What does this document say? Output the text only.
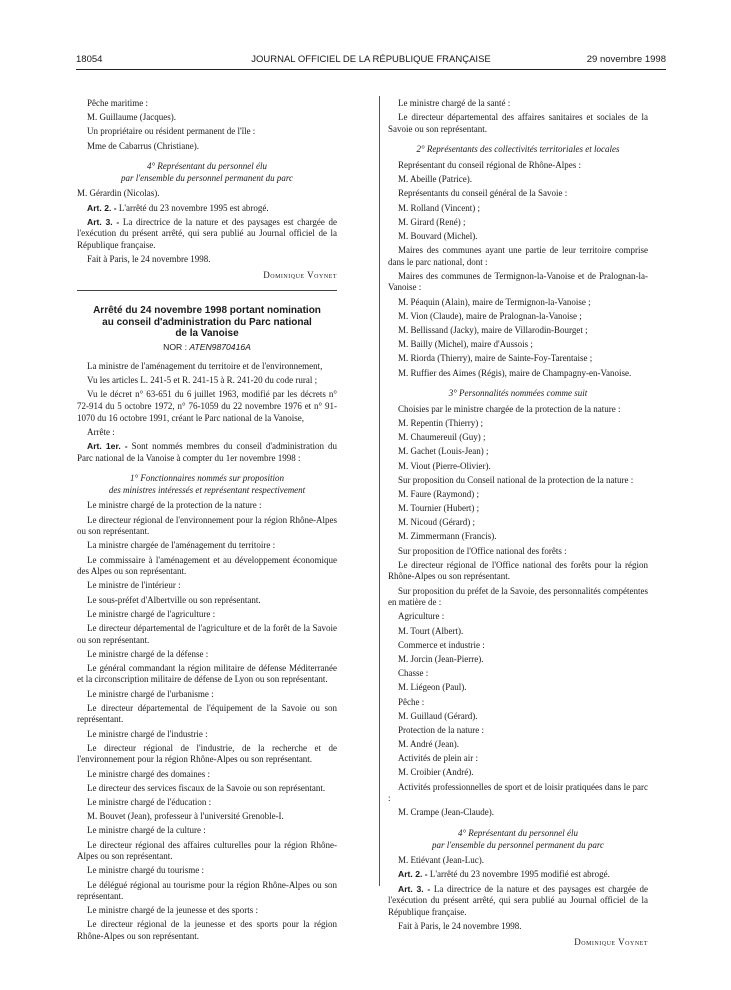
18054	JOURNAL OFFICIEL DE LA RÉPUBLIQUE FRANÇAISE	29 novembre 1998

Pêche maritime :

M. Guillaume (Jacques).

Un propriétaire ou résident permanent de l'île :

Mme de Cabarrus (Christiane).

4° Représentant du personnel élu
par l'ensemble du personnel permanent du parc

M. Gérardin (Nicolas).

Art. 2. - L'arrêté du 23 novembre 1995 est abrogé.

Art. 3. - La directrice de la nature et des paysages est chargée de l'exécution du présent arrêté, qui sera publié au Journal officiel de la République française.

Fait à Paris, le 24 novembre 1998.

Dominique Voynet

Arrêté du 24 novembre 1998 portant nomination
au conseil d'administration du Parc national
de la Vanoise

NOR : ATEN9870416A

La ministre de l'aménagement du territoire et de l'environnement,

Vu les articles L. 241-5 et R. 241-15 à R. 241-20 du code rural ;

Vu le décret n° 63-651 du 6 juillet 1963, modifié par les décrets n° 72-914 du 5 octobre 1972, n° 76-1059 du 22 novembre 1976 et n° 91-1070 du 16 octobre 1991, créant le Parc national de la Vanoise,

Arrête :

Art. 1er. - Sont nommés membres du conseil d'administration du Parc national de la Vanoise à compter du 1er novembre 1998 :

1° Fonctionnaires nommés sur proposition
des ministres intéressés et représentant respectivement

Le ministre chargé de la protection de la nature :

Le directeur régional de l'environnement pour la région Rhône-Alpes ou son représentant.

La ministre chargée de l'aménagement du territoire :

Le commissaire à l'aménagement et au développement économique des Alpes ou son représentant.

Le ministre de l'intérieur :

Le sous-préfet d'Albertville ou son représentant.

Le ministre chargé de l'agriculture :

Le directeur départemental de l'agriculture et de la forêt de la Savoie ou son représentant.

Le ministre chargé de la défense :

Le général commandant la région militaire de défense Méditerranée et la circonscription militaire de défense de Lyon ou son représentant.

Le ministre chargé de l'urbanisme :

Le directeur départemental de l'équipement de la Savoie ou son représentant.

Le ministre chargé de l'industrie :

Le directeur régional de l'industrie, de la recherche et de l'environnement pour la région Rhône-Alpes ou son représentant.

Le ministre chargé des domaines :

Le directeur des services fiscaux de la Savoie ou son représentant.

Le ministre chargé de l'éducation :

M. Bouvet (Jean), professeur à l'université Grenoble-I.

Le ministre chargé de la culture :

Le directeur régional des affaires culturelles pour la région Rhône-Alpes ou son représentant.

Le ministre chargé du tourisme :

Le délégué régional au tourisme pour la région Rhône-Alpes ou son représentant.

Le ministre chargé de la jeunesse et des sports :

Le directeur régional de la jeunesse et des sports pour la région Rhône-Alpes ou son représentant.

Le ministre chargé de la santé :

Le directeur départemental des affaires sanitaires et sociales de la Savoie ou son représentant.

2° Représentants des collectivités territoriales et locales

Représentant du conseil régional de Rhône-Alpes :

M. Abeille (Patrice).

Représentants du conseil général de la Savoie :

M. Rolland (Vincent) ;

M. Girard (René) ;

M. Bouvard (Michel).

Maires des communes ayant une partie de leur territoire comprise dans le parc national, dont :

Maires des communes de Termignon-la-Vanoise et de Pralognan-la-Vanoise :

M. Péaquin (Alain), maire de Termignon-la-Vanoise ;

M. Vion (Claude), maire de Pralognan-la-Vanoise ;

M. Bellissand (Jacky), maire de Villarodin-Bourget ;

M. Bailly (Michel), maire d'Aussois ;

M. Riorda (Thierry), maire de Sainte-Foy-Tarentaise ;

M. Ruffier des Aimes (Régis), maire de Champagny-en-Vanoise.

3° Personnalités nommées comme suit

Choisies par le ministre chargée de la protection de la nature :

M. Repentin (Thierry) ;

M. Chaumereuil (Guy) ;

M. Gachet (Louis-Jean) ;

M. Viout (Pierre-Olivier).

Sur proposition du Conseil national de la protection de la nature :

M. Faure (Raymond) ;

M. Tournier (Hubert) ;

M. Nicoud (Gérard) ;

M. Zimmermann (Francis).

Sur proposition de l'Office national des forêts :

Le directeur régional de l'Office national des forêts pour la région Rhône-Alpes ou son représentant.

Sur proposition du préfet de la Savoie, des personnalités compétentes en matière de :

Agriculture :

M. Tourt (Albert).

Commerce et industrie :

M. Jorcin (Jean-Pierre).

Chasse :

M. Liégeon (Paul).

Pêche :

M. Guillaud (Gérard).

Protection de la nature :

M. André (Jean).

Activités de plein air :

M. Croibier (André).

Activités professionnelles de sport et de loisir pratiquées dans le parc :

M. Crampe (Jean-Claude).

4° Représentant du personnel élu
par l'ensemble du personnel permanent du parc

M. Etiévant (Jean-Luc).

Art. 2. - L'arrêté du 23 novembre 1995 modifié est abrogé.

Art. 3. - La directrice de la nature et des paysages est chargée de l'exécution du présent arrêté, qui sera publié au Journal officiel de la République française.

Fait à Paris, le 24 novembre 1998.

Dominique Voynet
